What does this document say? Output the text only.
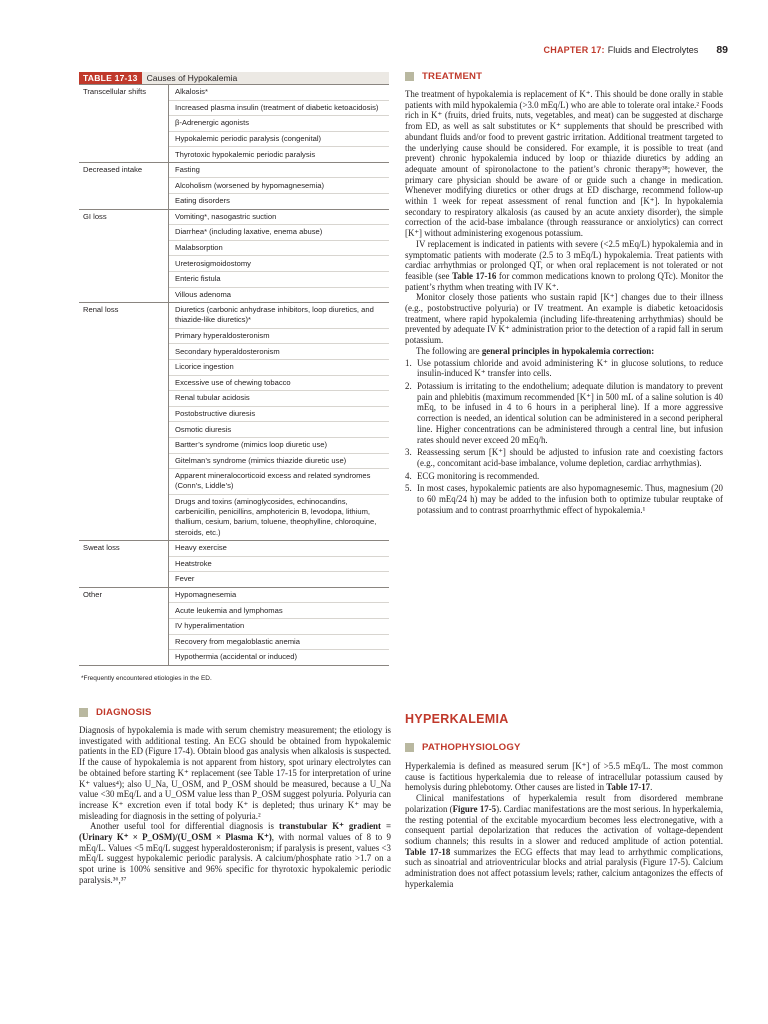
CHAPTER 17: Fluids and Electrolytes 89
TABLE 17-13	Causes of Hypokalemia
Transcellular shifts	Alkalosis*
Increased plasma insulin (treatment of diabetic ketoacidosis)
β-Adrenergic agonists
Hypokalemic periodic paralysis (congenital)
Thyrotoxic hypokalemic periodic paralysis
Decreased intake	Fasting
Alcoholism (worsened by hypomagnesemia)
Eating disorders
GI loss	Vomiting*, nasogastric suction
Diarrhea* (including laxative, enema abuse)
Malabsorption
Ureterosigmoidostomy
Enteric fistula
Villous adenoma
Renal loss	Diuretics (carbonic anhydrase inhibitors, loop diuretics, and thiazide-like diuretics)*
Primary hyperaldosteronism
Secondary hyperaldosteronism
Licorice ingestion
Excessive use of chewing tobacco
Renal tubular acidosis
Postobstructive diuresis
Osmotic diuresis
Bartter’s syndrome (mimics loop diuretic use)
Gitelman’s syndrome (mimics thiazide diuretic use)
Apparent mineralocorticoid excess and related syndromes (Conn’s, Liddle’s)
Drugs and toxins (aminoglycosides, echinocandins, carbenicillin, penicillins, amphotericin B, levodopa, lithium, thallium, cesium, barium, toluene, theophylline, chloroquine, steroids, etc.)
Sweat loss	Heavy exercise
Heatstroke
Fever
Other	Hypomagnesemia
Acute leukemia and lymphomas
IV hyperalimentation
Recovery from megaloblastic anemia
Hypothermia (accidental or induced)
*Frequently encountered etiologies in the ED.
DIAGNOSIS

Diagnosis of hypokalemia is made with serum chemistry measurement; the etiology is investigated with additional testing. An ECG should be obtained from hypokalemic patients in the ED (Figure 17-4). Obtain blood gas analysis when alkalosis is suspected. If the cause of hypokalemia is not apparent from history, spot urinary electrolytes can be obtained before starting K⁺ replacement (see Table 17-15 for interpretation of urine K⁺ values⁴); also U_Na, U_OSM, and P_OSM should be measured, because a U_Na value <30 mEq/L and a U_OSM value less than P_OSM suggest polyuria. Polyuria can increase K⁺ excretion even if total body K⁺ is depleted; thus urinary K⁺ may be misleading for diagnosis in the setting of polyuria.²

Another useful tool for differential diagnosis is transtubular K⁺ gradient = (Urinary K⁺ × P_OSM)/(U_OSM × Plasma K⁺), with normal values of 8 to 9 mEq/L. Values <5 mEq/L suggest hyperaldosteronism; if paralysis is present, values <3 mEq/L suggest hypokalemic periodic paralysis. A calcium/phosphate ratio >1.7 on a spot urine is 100% sensitive and 96% specific for thyrotoxic hypokalemic periodic paralysis.³⁶,³⁷

TREATMENT

The treatment of hypokalemia is replacement of K⁺. This should be done orally in stable patients with mild hypokalemia (>3.0 mEq/L) who are able to tolerate oral intake.² Foods rich in K⁺ (fruits, dried fruits, nuts, vegetables, and meat) can be suggested at discharge from ED, as well as salt substitutes or K⁺ supplements that should be prescribed with abundant fluids and/or food to prevent gastric irritation. Additional treatment targeted to the underlying cause should be considered. For example, it is possible to treat (and prevent) chronic hypokalemia induced by loop or thiazide diuretics by adding an adequate amount of spironolactone to the patient’s chronic therapy³⁸; however, the primary care physician should be aware of or guide such a change in medication. Whenever modifying diuretics or other drugs at ED discharge, recommend follow-up within 1 week for repeat assessment of renal function and [K⁺]. In hypokalemia secondary to respiratory alkalosis (as caused by an acute anxiety disorder), the simple correction of the acid-base imbalance (through reassurance or anxiolytics) can correct [K⁺] without administering exogenous potassium.

IV replacement is indicated in patients with severe (<2.5 mEq/L) hypokalemia and in symptomatic patients with moderate (2.5 to 3 mEq/L) hypokalemia. Treat patients with cardiac arrhythmias or prolonged QT, or when oral replacement is not tolerated or not feasible (see Table 17-16 for common medications known to prolong QTc). Monitor the patient’s rhythm when treating with IV K⁺.

Monitor closely those patients who sustain rapid [K⁺] changes due to their illness (e.g., postobstructive polyuria) or IV treatment. An example is diabetic ketoacidosis treatment, where rapid hypokalemia (including life-threatening arrhythmias) should be prevented by adequate IV K⁺ administration prior to the detection of a rapid fall in serum potassium.

The following are general principles in hypokalemia correction:

1. Use potassium chloride and avoid administering K⁺ in glucose solutions, to reduce insulin-induced K⁺ transfer into cells.
2. Potassium is irritating to the endothelium; adequate dilution is mandatory to prevent pain and phlebitis (maximum recommended [K⁺] in 500 mL of a saline solution is 40 mEq, to be infused in 4 to 6 hours in a peripheral line). If a more aggressive correction is needed, an identical solution can be administered in a second peripheral line. Higher concentrations can be administered through a central line, but infusion rates should never exceed 20 mEq/h.
3. Reassessing serum [K⁺] should be adjusted to infusion rate and coexisting factors (e.g., concomitant acid-base imbalance, volume depletion, cardiac arrhythmias).
4. ECG monitoring is recommended.
5. In most cases, hypokalemic patients are also hypomagnesemic. Thus, magnesium (20 to 60 mEq/24 h) may be added to the infusion both to optimize tubular reuptake of potassium and to contrast proarrhythmic effect of hypokalemia.¹
HYPERKALEMIA
PATHOPHYSIOLOGY

Hyperkalemia is defined as measured serum [K⁺] of >5.5 mEq/L. The most common cause is factitious hyperkalemia due to release of intracellular potassium caused by hemolysis during phlebotomy. Other causes are listed in Table 17-17.

Clinical manifestations of hyperkalemia result from disordered membrane polarization (Figure 17-5). Cardiac manifestations are the most serious. In hyperkalemia, the resting potential of the excitable myocardium becomes less electronegative, with a consequent partial depolarization that reduces the activation of voltage-dependent sodium channels; this results in a slower and reduced amplitude of action potential. Table 17-18 summarizes the ECG effects that may lead to arrhythmic complications, such as sinoatrial and atrioventricular blocks and atrial paralysis (Figure 17-5). Calcium administration does not affect potassium levels; rather, calcium antagonizes the effects of hyperkalemia
